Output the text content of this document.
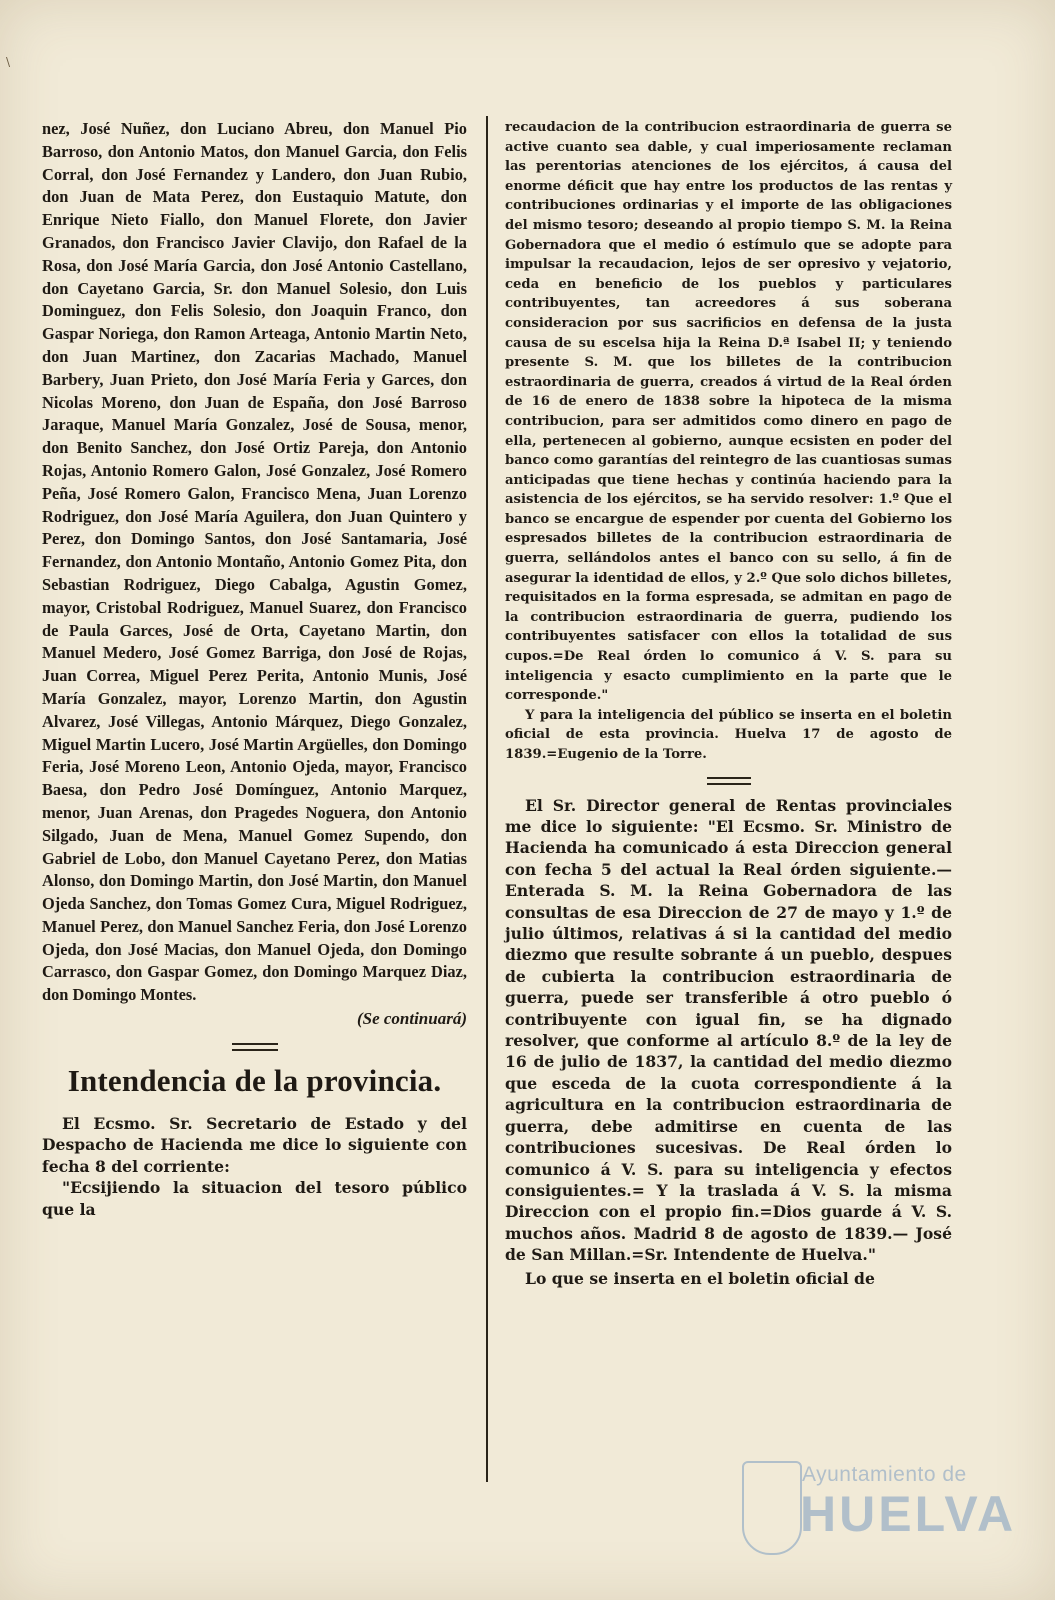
\

nez, José Nuñez, don Luciano Abreu, don Manuel Pio Barroso, don Antonio Matos, don Manuel Garcia, don Felis Corral, don José Fernandez y Landero, don Juan Rubio, don Juan de Mata Perez, don Eustaquio Matute, don Enrique Nieto Fiallo, don Manuel Florete, don Javier Granados, don Francisco Javier Clavijo, don Rafael de la Rosa, don José María Garcia, don José Antonio Castellano, don Cayetano Garcia, Sr. don Manuel Solesio, don Luis Dominguez, don Felis Solesio, don Joaquin Franco, don Gaspar Noriega, don Ramon Arteaga, Antonio Martin Neto, don Juan Martinez, don Zacarias Machado, Manuel Barbery, Juan Prieto, don José María Feria y Garces, don Nicolas Moreno, don Juan de España, don José Barroso Jaraque, Manuel María Gonzalez, José de Sousa, menor, don Benito Sanchez, don José Ortiz Pareja, don Antonio Rojas, Antonio Romero Galon, José Gonzalez, José Romero Peña, José Romero Galon, Francisco Mena, Juan Lorenzo Rodriguez, don José María Aguilera, don Juan Quintero y Perez, don Domingo Santos, don José Santamaria, José Fernandez, don Antonio Montaño, Antonio Gomez Pita, don Sebastian Rodriguez, Diego Cabalga, Agustin Gomez, mayor, Cristobal Rodriguez, Manuel Suarez, don Francisco de Paula Garces, José de Orta, Cayetano Martin, don Manuel Medero, José Gomez Barriga, don José de Rojas, Juan Correa, Miguel Perez Perita, Antonio Munis, José María Gonzalez, mayor, Lorenzo Martin, don Agustin Alvarez, José Villegas, Antonio Márquez, Diego Gonzalez, Miguel Martin Lucero, José Martin Argüelles, don Domingo Feria, José Moreno Leon, Antonio Ojeda, mayor, Francisco Baesa, don Pedro José Domínguez, Antonio Marquez, menor, Juan Arenas, don Pragedes Noguera, don Antonio Silgado, Juan de Mena, Manuel Gomez Supendo, don Gabriel de Lobo, don Manuel Cayetano Perez, don Matias Alonso, don Domingo Martin, don José Martin, don Manuel Ojeda Sanchez, don Tomas Gomez Cura, Miguel Rodriguez, Manuel Perez, don Manuel Sanchez Feria, don José Lorenzo Ojeda, don José Macias, don Manuel Ojeda, don Domingo Carrasco, don Gaspar Gomez, don Domingo Marquez Diaz, don Domingo Montes.

(Se continuará)
Intendencia de la provincia.

El Ecsmo. Sr. Secretario de Estado y del Despacho de Hacienda me dice lo siguiente con fecha 8 del corriente:

"Ecsijiendo la situacion del tesoro público que la

recaudacion de la contribucion estraordinaria de guerra se active cuanto sea dable, y cual imperiosamente reclaman las perentorias atenciones de los ejércitos, á causa del enorme déficit que hay entre los productos de las rentas y contribuciones ordinarias y el importe de las obligaciones del mismo tesoro; deseando al propio tiempo S. M. la Reina Gobernadora que el medio ó estímulo que se adopte para impulsar la recaudacion, lejos de ser opresivo y vejatorio, ceda en beneficio de los pueblos y particulares contribuyentes, tan acreedores á sus soberana consideracion por sus sacrificios en defensa de la justa causa de su escelsa hija la Reina D.ª Isabel II; y teniendo presente S. M. que los billetes de la contribucion estraordinaria de guerra, creados á virtud de la Real órden de 16 de enero de 1838 sobre la hipoteca de la misma contribucion, para ser admitidos como dinero en pago de ella, pertenecen al gobierno, aunque ecsisten en poder del banco como garantías del reintegro de las cuantiosas sumas anticipadas que tiene hechas y continúa haciendo para la asistencia de los ejércitos, se ha servido resolver: 1.º Que el banco se encargue de espender por cuenta del Gobierno los espresados billetes de la contribucion estraordinaria de guerra, sellándolos antes el banco con su sello, á fin de asegurar la identidad de ellos, y 2.º Que solo dichos billetes, requisitados en la forma espresada, se admitan en pago de la contribucion estraordinaria de guerra, pudiendo los contribuyentes satisfacer con ellos la totalidad de sus cupos.=De Real órden lo comunico á V. S. para su inteligencia y esacto cumplimiento en la parte que le corresponde."

Y para la inteligencia del público se inserta en el boletin oficial de esta provincia. Huelva 17 de agosto de 1839.=Eugenio de la Torre.

El Sr. Director general de Rentas provinciales me dice lo siguiente: "El Ecsmo. Sr. Ministro de Hacienda ha comunicado á esta Direccion general con fecha 5 del actual la Real órden siguiente.— Enterada S. M. la Reina Gobernadora de las consultas de esa Direccion de 27 de mayo y 1.º de julio últimos, relativas á si la cantidad del medio diezmo que resulte sobrante á un pueblo, despues de cubierta la contribucion estraordinaria de guerra, puede ser transferible á otro pueblo ó contribuyente con igual fin, se ha dignado resolver, que conforme al artículo 8.º de la ley de 16 de julio de 1837, la cantidad del medio diezmo que esceda de la cuota correspondiente á la agricultura en la contribucion estraordinaria de guerra, debe admitirse en cuenta de las contribuciones sucesivas. De Real órden lo comunico á V. S. para su inteligencia y efectos consiguientes.= Y la traslada á V. S. la misma Direccion con el propio fin.=Dios guarde á V. S. muchos años. Madrid 8 de agosto de 1839.— José de San Millan.=Sr. Intendente de Huelva."

Lo que se inserta en el boletin oficial de

Ayuntamiento de
HUELVA
